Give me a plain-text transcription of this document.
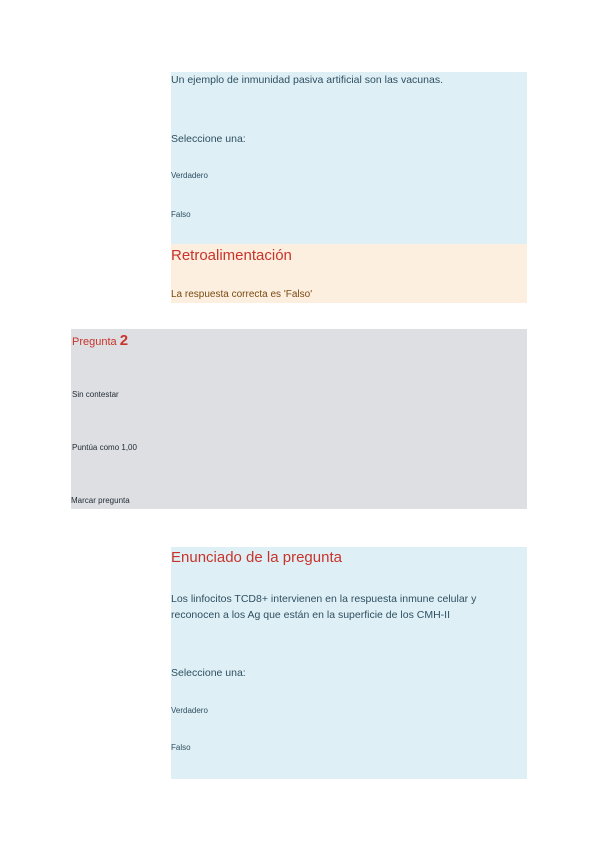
Un ejemplo de inmunidad pasiva artificial son las vacunas.
Seleccione una:
Verdadero
Falso
Retroalimentación
La respuesta correcta es 'Falso'
Pregunta 2
Sin contestar
Puntúa como 1,00
Marcar pregunta
Enunciado de la pregunta
Los linfocitos TCD8+ intervienen en la respuesta inmune celular y reconocen a los Ag que están en la superficie de los CMH-II
Seleccione una:
Verdadero
Falso
